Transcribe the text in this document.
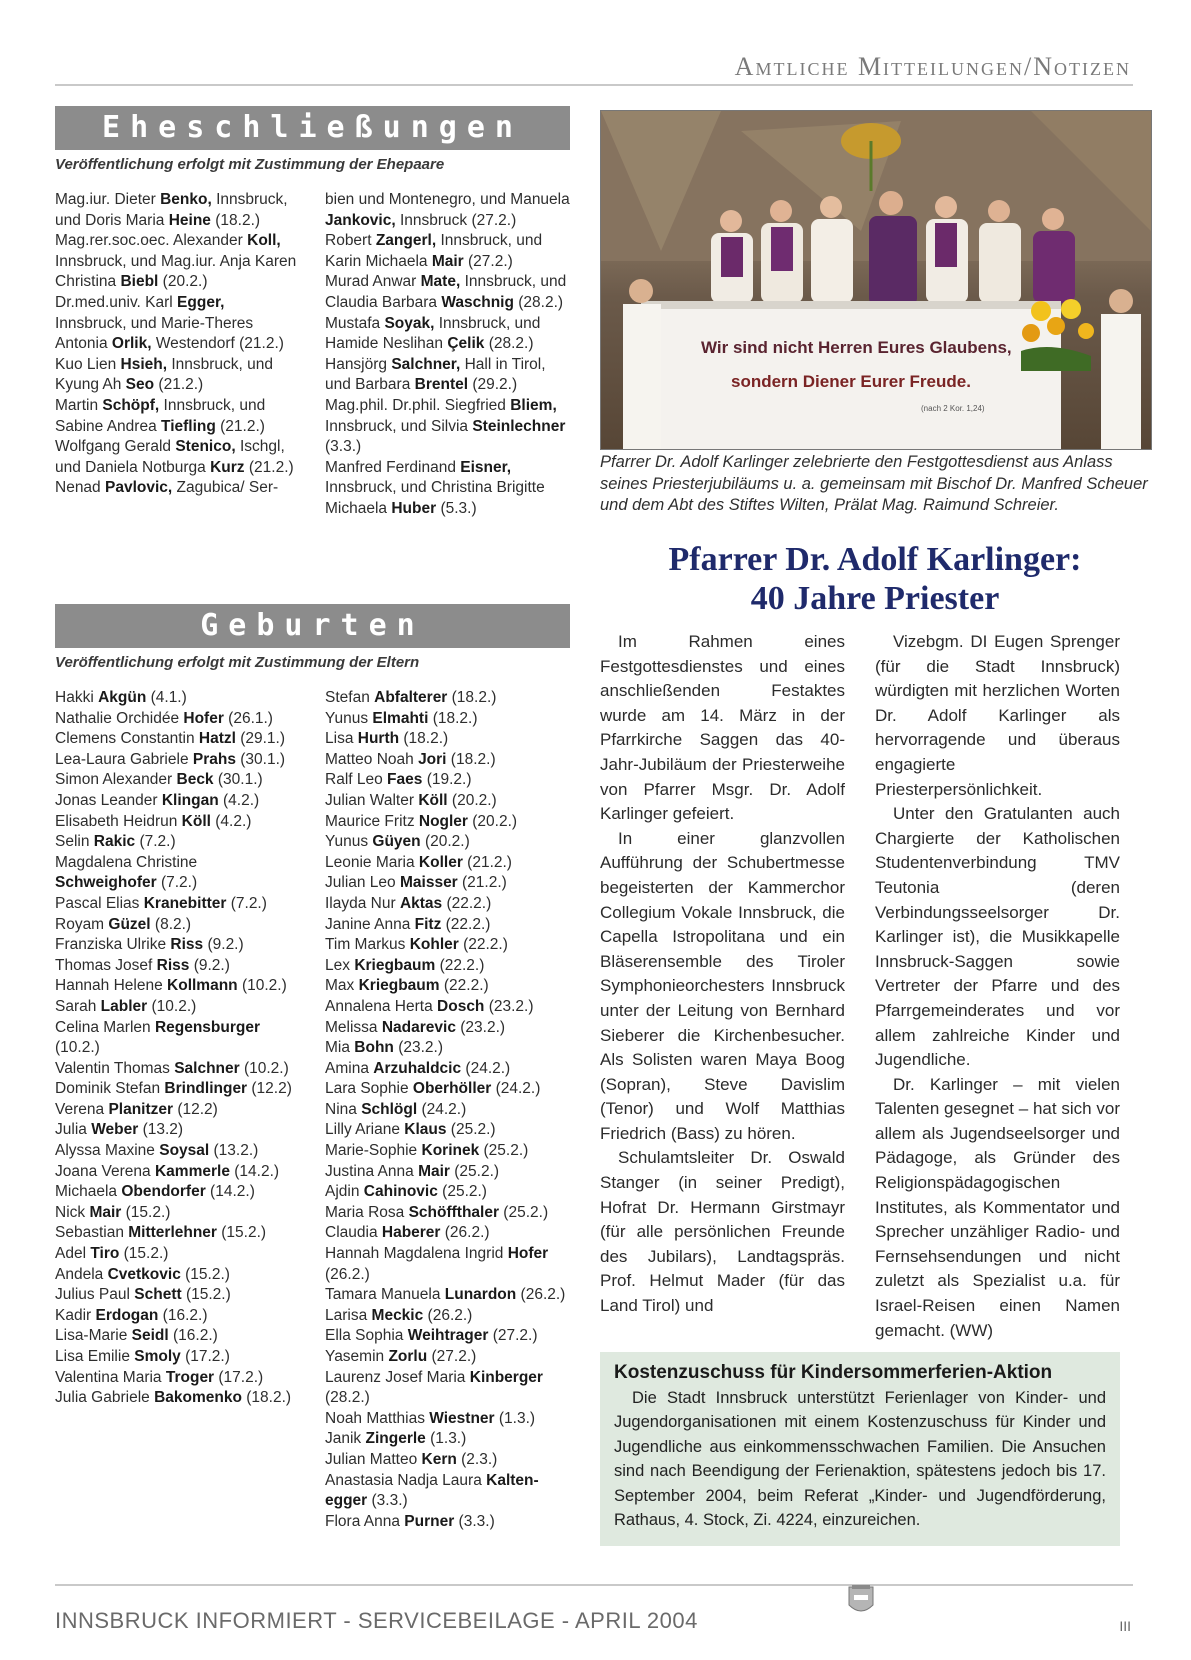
Amtliche Mitteilungen/Notizen
Eheschließungen
Veröffentlichung erfolgt mit Zustimmung der Ehepaare

Mag.iur. Dieter Benko, Innsbruck, und Doris Maria Heine (18.2.)

Mag.rer.soc.oec. Alexander Koll, Innsbruck, und Mag.iur. Anja Karen Christina Biebl (20.2.)

Dr.med.univ. Karl Egger, Innsbruck, und Marie-Theres Antonia Orlik, Westendorf (21.2.)

Kuo Lien Hsieh, Innsbruck, und Kyung Ah Seo (21.2.)

Martin Schöpf, Innsbruck, und Sabine Andrea Tiefling (21.2.)

Wolfgang Gerald Stenico, Ischgl, und Daniela Notburga Kurz (21.2.)

Nenad Pavlovic, Zagubica/ Ser-

bien und Montenegro, und Manuela Jankovic, Innsbruck (27.2.)

Robert Zangerl, Innsbruck, und Karin Michaela Mair (27.2.)

Murad Anwar Mate, Innsbruck, und Claudia Barbara Waschnig (28.2.)

Mustafa Soyak, Innsbruck, und Hamide Neslihan Çelik (28.2.)

Hansjörg Salchner, Hall in Tirol, und Barbara Brentel (29.2.)

Mag.phil. Dr.phil. Siegfried Bliem, Innsbruck, und Silvia Steinlechner (3.3.)

Manfred Ferdinand Eisner, Innsbruck, und Christina Brigitte Michaela Huber (5.3.)

Geburten
Veröffentlichung erfolgt mit Zustimmung der Eltern

Hakki Akgün (4.1.)

Nathalie Orchidée Hofer (26.1.)

Clemens Constantin Hatzl (29.1.)

Lea-Laura Gabriele Prahs (30.1.)

Simon Alexander Beck (30.1.)

Jonas Leander Klingan (4.2.)

Elisabeth Heidrun Köll (4.2.)

Selin Rakic (7.2.)

Magdalena Christine Schweighofer (7.2.)

Pascal Elias Kranebitter (7.2.)

Royam Güzel (8.2.)

Franziska Ulrike Riss (9.2.)

Thomas Josef Riss (9.2.)

Hannah Helene Kollmann (10.2.)

Sarah Labler (10.2.)

Celina Marlen Regensburger (10.2.)

Valentin Thomas Salchner (10.2.)

Dominik Stefan Brindlinger (12.2)

Verena Planitzer (12.2)

Julia Weber (13.2)

Alyssa Maxine Soysal (13.2.)

Joana Verena Kammerle (14.2.)

Michaela Obendorfer (14.2.)

Nick Mair (15.2.)

Sebastian Mitterlehner (15.2.)

Adel Tiro (15.2.)

Andela Cvetkovic (15.2.)

Julius Paul Schett (15.2.)

Kadir Erdogan (16.2.)

Lisa-Marie Seidl (16.2.)

Lisa Emilie Smoly (17.2.)

Valentina Maria Troger (17.2.)

Julia Gabriele Bakomenko (18.2.)

Stefan Abfalterer (18.2.)

Yunus Elmahti (18.2.)

Lisa Hurth (18.2.)

Matteo Noah Jori (18.2.)

Ralf Leo Faes (19.2.)

Julian Walter Köll (20.2.)

Maurice Fritz Nogler (20.2.)

Yunus Güyen (20.2.)

Leonie Maria Koller (21.2.)

Julian Leo Maisser (21.2.)

Ilayda Nur Aktas (22.2.)

Janine Anna Fitz (22.2.)

Tim Markus Kohler (22.2.)

Lex Kriegbaum (22.2.)

Max Kriegbaum (22.2.)

Annalena Herta Dosch (23.2.)

Melissa Nadarevic (23.2.)

Mia Bohn (23.2.)

Amina Arzuhaldcic (24.2.)

Lara Sophie Oberhöller (24.2.)

Nina Schlögl (24.2.)

Lilly Ariane Klaus (25.2.)

Marie-Sophie Korinek (25.2.)

Justina Anna Mair (25.2.)

Ajdin Cahinovic (25.2.)

Maria Rosa Schöffthaler (25.2.)

Claudia Haberer (26.2.)

Hannah Magdalena Ingrid Hofer (26.2.)

Tamara Manuela Lunardon (26.2.)

Larisa Meckic (26.2.)

Ella Sophia Weihtrager (27.2.)

Yasemin Zorlu (27.2.)

Laurenz Josef Maria Kinberger (28.2.)

Noah Matthias Wiestner (1.3.)

Janik Zingerle (1.3.)

Julian Matteo Kern (2.3.)

Anastasia Nadja Laura Kalten-egger (3.3.)

Flora Anna Purner (3.3.)

Wir sind nicht Herren Eures Glaubens,
sondern Diener Eurer Freude.
(nach 2 Kor. 1,24)
Pfarrer Dr. Adolf Karlinger zelebrierte den Festgottesdienst aus Anlass seines Priesterjubiläums u. a. gemeinsam mit Bischof Dr. Manfred Scheuer und dem Abt des Stiftes Wilten, Prälat Mag. Raimund Schreier.
Pfarrer Dr. Adolf Karlinger:
40 Jahre Priester

Im Rahmen eines Festgottesdienstes und eines anschließenden Festaktes wurde am 14. März in der Pfarrkirche Saggen das 40-Jahr-Jubiläum der Priesterweihe von Pfarrer Msgr. Dr. Adolf Karlinger gefeiert.

In einer glanzvollen Aufführung der Schubertmesse begeisterten der Kammerchor Collegium Vokale Innsbruck, die Capella Istropolitana und ein Bläserensemble des Tiroler Symphonieorchesters Innsbruck unter der Leitung von Bernhard Sieberer die Kirchenbesucher. Als Solisten waren Maya Boog (Sopran), Steve Davislim (Tenor) und Wolf Matthias Friedrich (Bass) zu hören.

Schulamtsleiter Dr. Oswald Stanger (in seiner Predigt), Hofrat Dr. Hermann Girstmayr (für alle persönlichen Freunde des Jubilars), Landtagspräs. Prof. Helmut Mader (für das Land Tirol) und

Vizebgm. DI Eugen Sprenger (für die Stadt Innsbruck) würdigten mit herzlichen Worten Dr. Adolf Karlinger als hervorragende und überaus engagierte Priesterpersönlichkeit.

Unter den Gratulanten auch Chargierte der Katholischen Studentenverbindung TMV Teutonia (deren Verbindungsseelsorger Dr. Karlinger ist), die Musikkapelle Innsbruck-Saggen sowie Vertreter der Pfarre und des Pfarrgemeinderates und vor allem zahlreiche Kinder und Jugendliche.

Dr. Karlinger – mit vielen Talenten gesegnet – hat sich vor allem als Jugendseelsorger und Pädagoge, als Gründer des Religionspädagogischen Institutes, als Kommentator und Sprecher unzähliger Radio- und Fernsehsendungen und nicht zuletzt als Spezialist u.a. für Israel-Reisen einen Namen gemacht. (WW)

Kostenzuschuss für Kindersommerferien-Aktion
Die Stadt Innsbruck unterstützt Ferienlager von Kinder- und Jugendorganisationen mit einem Kostenzuschuss für Kinder und Jugendliche aus einkommensschwachen Familien. Die Ansuchen sind nach Beendigung der Ferienaktion, spätestens jedoch bis 17. September 2004, beim Referat „Kinder- und Jugendförderung, Rathaus, 4. Stock, Zi. 4224, einzureichen.
INNSBRUCK INFORMIERT - SERVICEBEILAGE - APRIL 2004	III
